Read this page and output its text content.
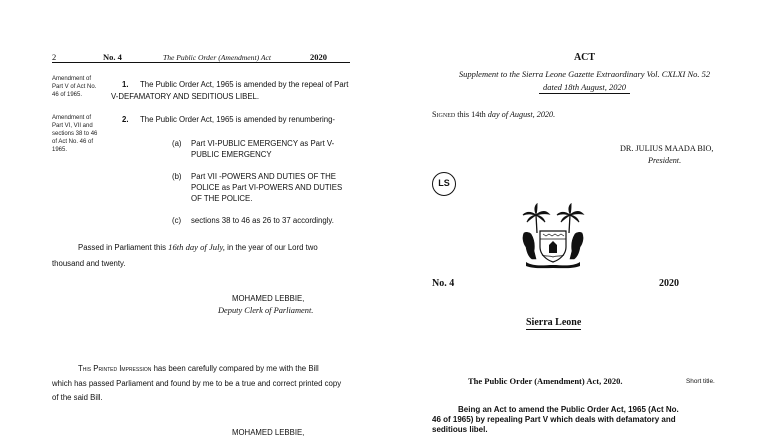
2	No. 4	The Public Order (Amendment) Act	2020
Amendment of Part V of Act No. 46 of 1965.
1. The Public Order Act, 1965 is amended by the repeal of Part
V-DEFAMATORY AND SEDITIOUS LIBEL.
Amendment of Part VI, VII and sections 38 to 46 of Act No. 46 of 1965.
2. The Public Order Act, 1965 is amended by renumbering-
(a) Part VI-PUBLIC EMERGENCY as Part V-
PUBLIC EMERGENCY
(b) Part VII -POWERS AND DUTIES OF THE
POLICE as Part VI-POWERS AND DUTIES
OF THE POLICE.
(c) sections 38 to 46 as 26 to 37 accordingly.
Passed in Parliament this 16th day of July, in the year of our Lord two
thousand and twenty.
MOHAMED LEBBIE,
Deputy Clerk of Parliament.
This Printed Impression has been carefully compared by me with the Bill
which has passed Parliament and found by me to be a true and correct printed copy
of the said Bill.
MOHAMED LEBBIE,
ACT
Supplement to the Sierra Leone Gazette Extraordinary Vol. CXLXI No. 52
dated 18th August, 2020
Signed this 14th day of August, 2020.
DR. JULIUS MAADA BIO,
President.
LS
No. 4	2020
Sierra Leone
The Public Order (Amendment) Act, 2020.	Short title.
Being an Act to amend the Public Order Act, 1965 (Act No.
46 of 1965) by repealing Part V which deals with defamatory and
seditious libel.
